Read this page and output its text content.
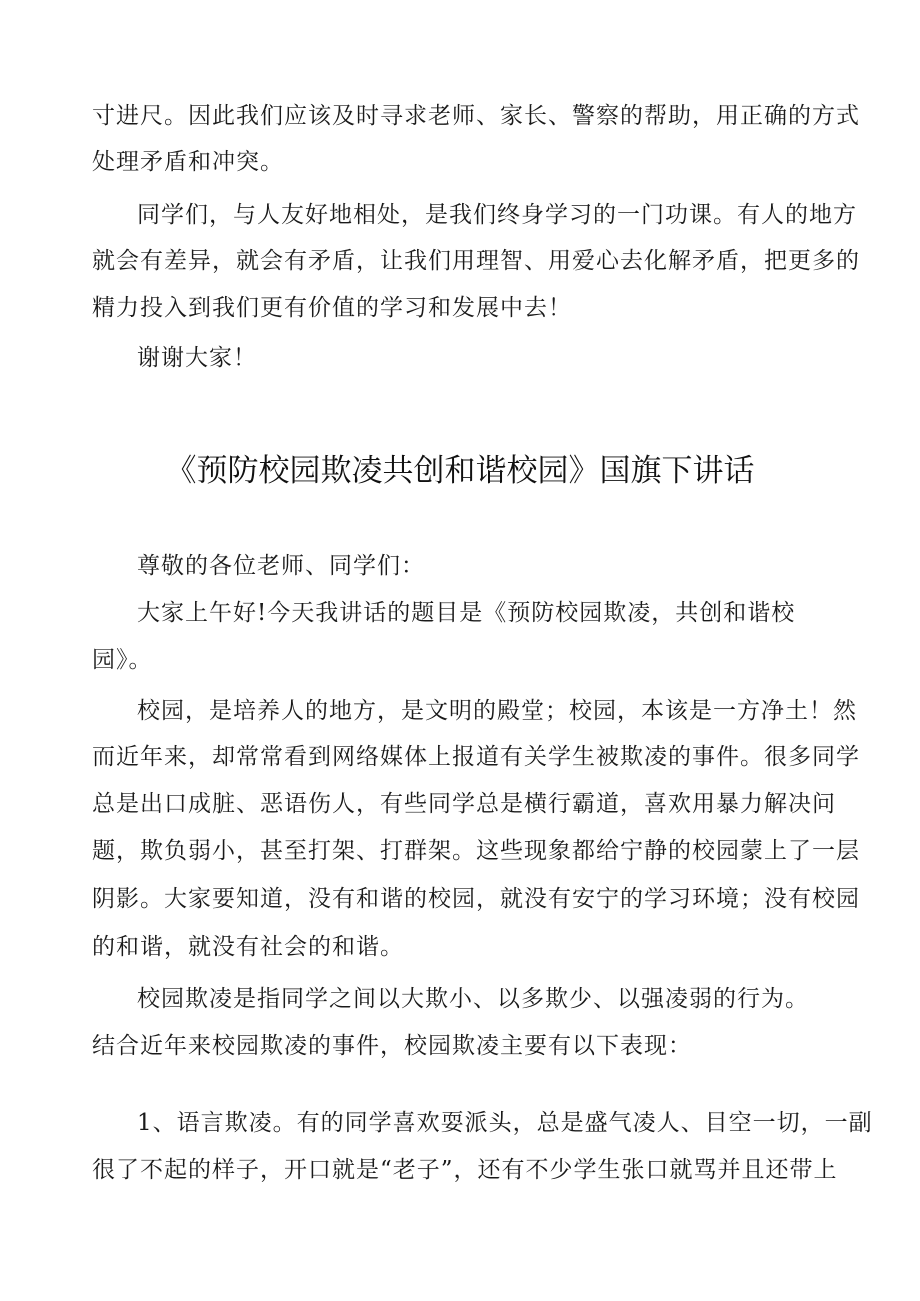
寸进尺。因此我们应该及时寻求老师、家长、警察的帮助，用正确的方式
处理矛盾和冲突。
同学们，与人友好地相处，是我们终身学习的一门功课。有人的地方
就会有差异，就会有矛盾，让我们用理智、用爱心去化解矛盾，把更多的
精力投入到我们更有价值的学习和发展中去！
谢谢大家！
《预防校园欺凌共创和谐校园》国旗下讲话
尊敬的各位老师、同学们：
大家上午好!今天我讲话的题目是《预防校园欺凌，共创和谐校
园》。
校园，是培养人的地方，是文明的殿堂；校园，本该是一方净土！然
而近年来，却常常看到网络媒体上报道有关学生被欺凌的事件。很多同学
总是出口成脏、恶语伤人，有些同学总是横行霸道，喜欢用暴力解决问
题，欺负弱小，甚至打架、打群架。这些现象都给宁静的校园蒙上了一层
阴影。大家要知道，没有和谐的校园，就没有安宁的学习环境；没有校园
的和谐，就没有社会的和谐。
校园欺凌是指同学之间以大欺小、以多欺少、以强凌弱的行为。
结合近年来校园欺凌的事件，校园欺凌主要有以下表现：
1、语言欺凌。有的同学喜欢耍派头，总是盛气凌人、目空一切，一副
很了不起的样子，开口就是“老子”，还有不少学生张口就骂并且还带上
